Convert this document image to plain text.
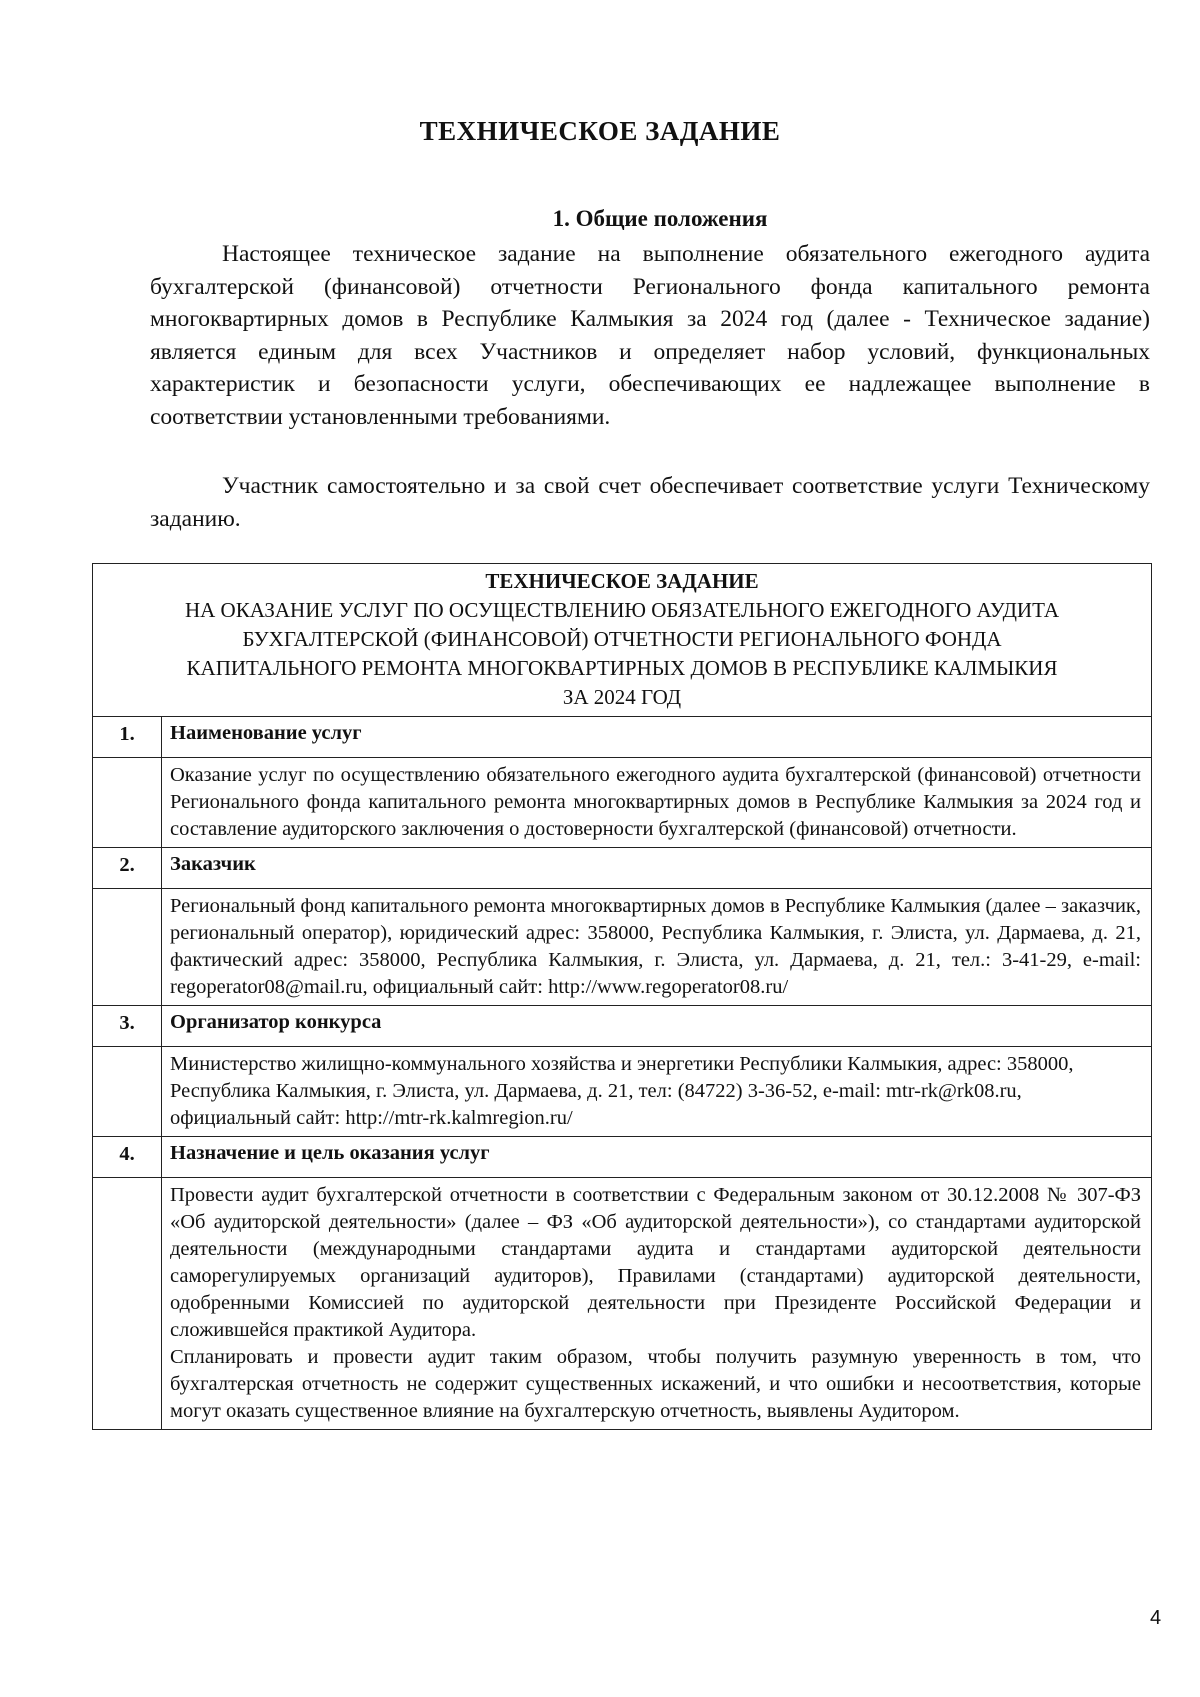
ТЕХНИЧЕСКОЕ ЗАДАНИЕ
1. Общие положения

Настоящее техническое задание на выполнение обязательного ежегодного аудита бухгалтерской (финансовой) отчетности Регионального фонда капитального ремонта многоквартирных домов в Республике Калмыкия за 2024 год (далее - Техническое задание) является единым для всех Участников и определяет набор условий, функциональных характеристик и безопасности услуги, обеспечивающих ее надлежащее выполнение в соответствии установленными требованиями.

Участник самостоятельно и за свой счет обеспечивает соответствие услуги Техническому заданию.

ТЕХНИЧЕСКОЕ ЗАДАНИЕ
НА ОКАЗАНИЕ УСЛУГ ПО ОСУЩЕСТВЛЕНИЮ ОБЯЗАТЕЛЬНОГО ЕЖЕГОДНОГО АУДИТА
БУХГАЛТЕРСКОЙ (ФИНАНСОВОЙ) ОТЧЕТНОСТИ РЕГИОНАЛЬНОГО ФОНДА
КАПИТАЛЬНОГО РЕМОНТА МНОГОКВАРТИРНЫХ ДОМОВ В РЕСПУБЛИКЕ КАЛМЫКИЯ
ЗА 2024 ГОД	

1.	Наименование услуг

	Оказание услуг по осуществлению обязательного ежегодного аудита бухгалтерской (финансовой) отчетности Регионального фонда капитального ремонта многоквартирных домов в Республике Калмыкия за 2024 год и составление аудиторского заключения о достоверности бухгалтерской (финансовой) отчетности.

2.	Заказчик

	Региональный фонд капитального ремонта многоквартирных домов в Республике Калмыкия (далее – заказчик, региональный оператор), юридический адрес: 358000, Республика Калмыкия, г. Элиста, ул. Дармаева, д. 21, фактический адрес: 358000, Республика Калмыкия, г. Элиста, ул. Дармаева, д. 21, тел.: 3-41-29, e-mail: regoperator08@mail.ru, официальный сайт: http://www.regoperator08.ru/

3.	Организатор конкурса

	Министерство жилищно-коммунального хозяйства и энергетики Республики Калмыкия, адрес: 358000, Республика Калмыкия, г. Элиста, ул. Дармаева, д. 21, тел: (84722) 3-36-52, e-mail: mtr-rk@rk08.ru, официальный сайт: http://mtr-rk.kalmregion.ru/

4.	Назначение и цель оказания услуг

	Провести аудит бухгалтерской отчетности в соответствии с Федеральным законом от 30.12.2008 № 307-ФЗ «Об аудиторской деятельности» (далее – ФЗ «Об аудиторской деятельности»), со стандартами аудиторской деятельности (международными стандартами аудита и стандартами аудиторской деятельности саморегулируемых организаций аудиторов), Правилами (стандартами) аудиторской деятельности, одобренными Комиссией по аудиторской деятельности при Президенте Российской Федерации и сложившейся практикой Аудитора.
Спланировать и провести аудит таким образом, чтобы получить разумную уверенность в том, что бухгалтерская отчетность не содержит существенных искажений, и что ошибки и несоответствия, которые могут оказать существенное влияние на бухгалтерскую отчетность, выявлены Аудитором.
4
